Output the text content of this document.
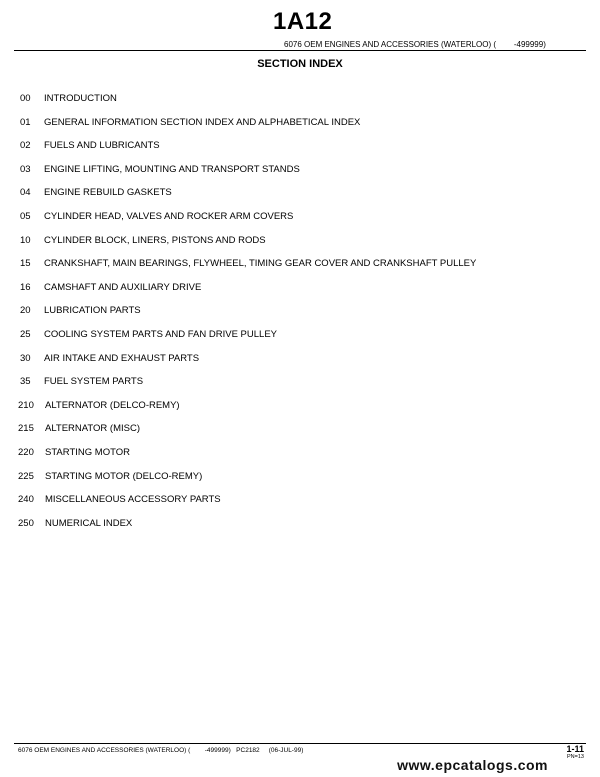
1A12
6076 OEM ENGINES AND ACCESSORIES (WATERLOO) (        -499999)
SECTION INDEX
00 INTRODUCTION
01 GENERAL INFORMATION SECTION INDEX AND ALPHABETICAL INDEX
02 FUELS AND LUBRICANTS
03 ENGINE LIFTING, MOUNTING AND TRANSPORT STANDS
04 ENGINE REBUILD GASKETS
05 CYLINDER HEAD, VALVES AND ROCKER ARM COVERS
10 CYLINDER BLOCK, LINERS, PISTONS AND RODS
15 CRANKSHAFT, MAIN BEARINGS, FLYWHEEL, TIMING GEAR COVER AND CRANKSHAFT PULLEY
16 CAMSHAFT AND AUXILIARY DRIVE
20 LUBRICATION PARTS
25 COOLING SYSTEM PARTS AND FAN DRIVE PULLEY
30 AIR INTAKE AND EXHAUST PARTS
35 FUEL SYSTEM PARTS
210 ALTERNATOR (DELCO-REMY)
215 ALTERNATOR (MISC)
220 STARTING MOTOR
225 STARTING MOTOR (DELCO-REMY)
240 MISCELLANEOUS ACCESSORY PARTS
250 NUMERICAL INDEX
6076 OEM ENGINES AND ACCESSORIES (WATERLOO) (        -499999)   PC2182     (06-JUL-99)	1-11
PN=13
www.epcatalogs.com
